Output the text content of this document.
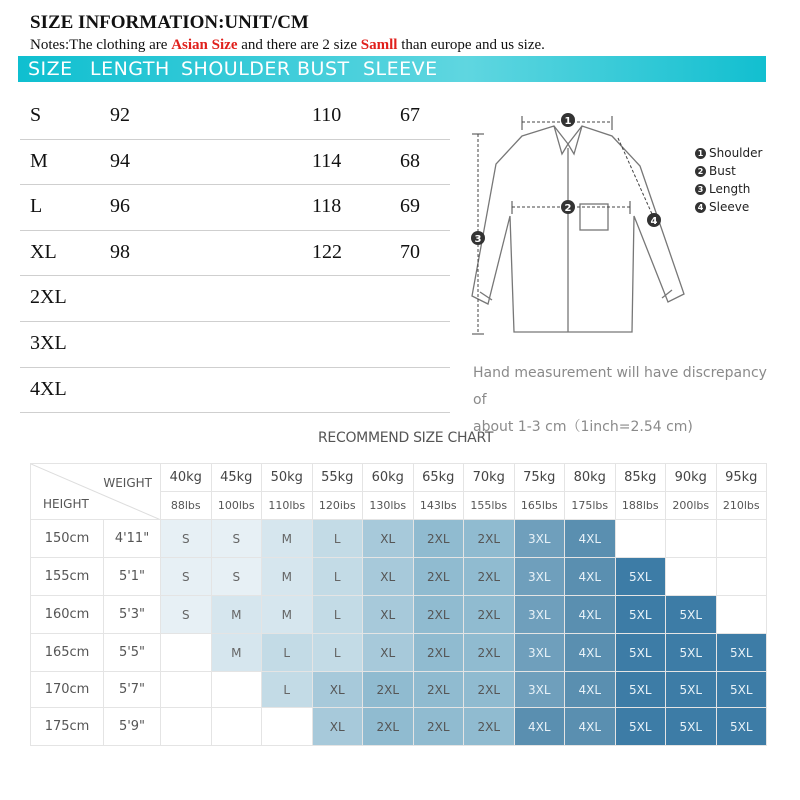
SIZE INFORMATION:UNIT/CM
Notes:The clothing are Asian Size and there are 2 size Samll than europe and us size.
SIZE LENGTH SHOULDER BUST SLEEVE
S	92	110	67
M	94	114	68
L	96	118	69
XL	98	122	70
2XL
3XL
4XL
1
2
3
4
1 Shoulder
2 Bust
3 Length
4 Sleeve
Hand measurement will have discrepancy of
about 1-3 cm（1inch=2.54 cm)
RECOMMEND SIZE CHART
WEIGHT
HEIGHT		40kg	45kg	50kg	55kg	60kg	65kg	70kg	75kg	80kg	85kg	90kg	95kg
		88lbs	100lbs	110lbs	120ibs	130lbs	143lbs	155lbs	165lbs	175lbs	188lbs	200lbs	210lbs
150cm	4'11"	S	S	M	L	XL	2XL	2XL	3XL	4XL			
155cm	5'1"	S	S	M	L	XL	2XL	2XL	3XL	4XL	5XL		
160cm	5'3"	S	M	M	L	XL	2XL	2XL	3XL	4XL	5XL	5XL	
165cm	5'5"		M	L	L	XL	2XL	2XL	3XL	4XL	5XL	5XL	5XL
170cm	5'7"			L	XL	2XL	2XL	2XL	3XL	4XL	5XL	5XL	5XL
175cm	5'9"				XL	2XL	2XL	2XL	4XL	4XL	5XL	5XL	5XL
